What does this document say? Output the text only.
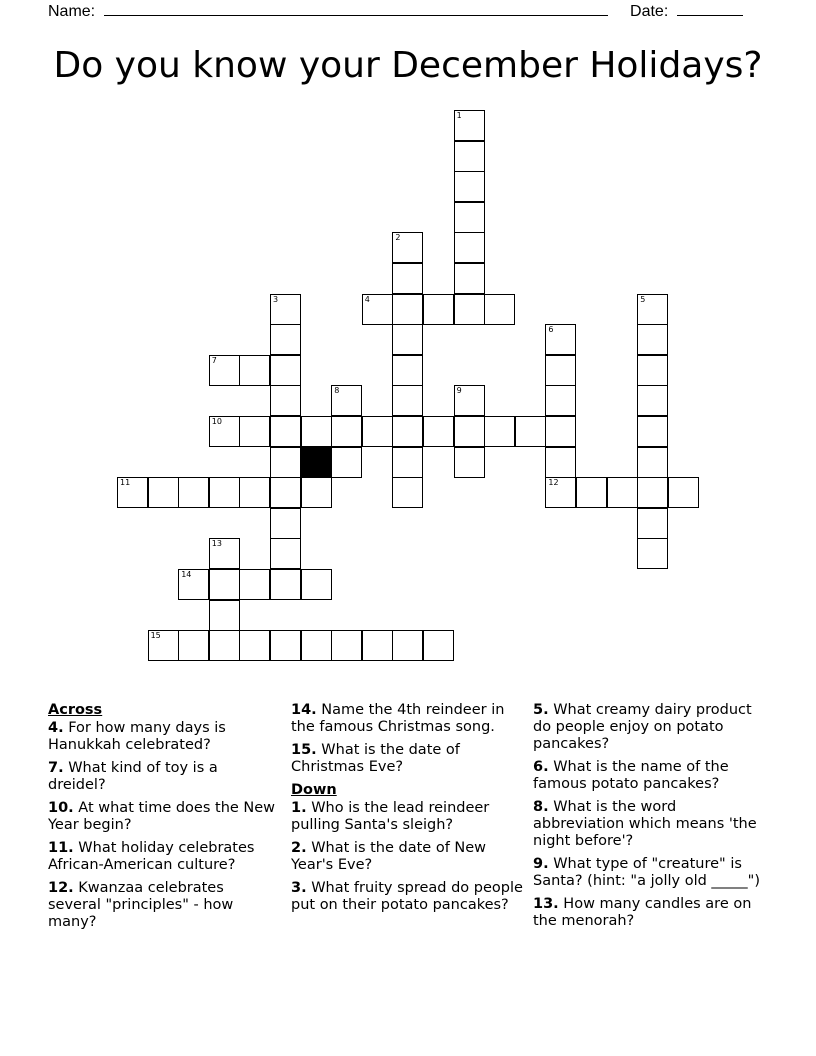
Name:	Date:
Do you know your December Holidays?
1
2
3	4	5
6
12
7
8	9
10
11
13
14
15
Across
4. For how many days is Hanukkah celebrated?
7. What kind of toy is a dreidel?
10. At what time does the New Year begin?
11. What holiday celebrates African-American culture?
12. Kwanzaa celebrates several "principles" - how many?
14. Name the 4th reindeer in the famous Christmas song.
15. What is the date of Christmas Eve?
Down
1. Who is the lead reindeer pulling Santa's sleigh?
2. What is the date of New Year's Eve?
3. What fruity spread do people put on their potato pancakes?
5. What creamy dairy product do people enjoy on potato pancakes?
6. What is the name of the famous potato pancakes?
8. What is the word abbreviation which means 'the night before'?
9. What type of "creature" is Santa? (hint: "a jolly old _____")
13. How many candles are on the menorah?
